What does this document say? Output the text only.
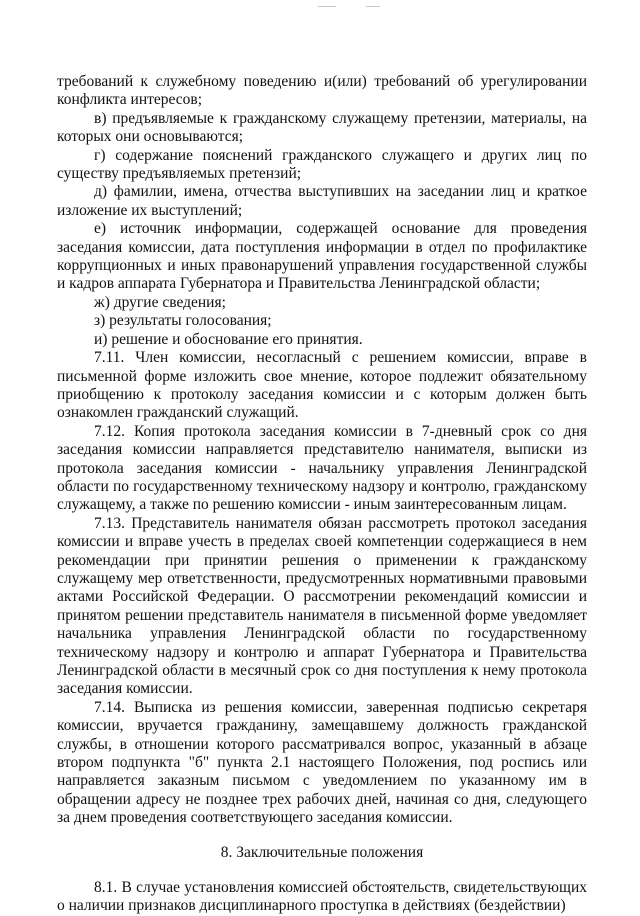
требований к служебному поведению и(или) требований об урегулировании конфликта интересов;

в) предъявляемые к гражданскому служащему претензии, материалы, на которых они основываются;

г) содержание пояснений гражданского служащего и других лиц по существу предъявляемых претензий;

д) фамилии, имена, отчества выступивших на заседании лиц и краткое изложение их выступлений;

е) источник информации, содержащей основание для проведения заседания комиссии, дата поступления информации в отдел по профилактике коррупционных и иных правонарушений управления государственной службы и кадров аппарата Губернатора и Правительства Ленинградской области;

ж) другие сведения;

з) результаты голосования;

и) решение и обоснование его принятия.

7.11. Член комиссии, несогласный с решением комиссии, вправе в письменной форме изложить свое мнение, которое подлежит обязательному приобщению к протоколу заседания комиссии и с которым должен быть ознакомлен гражданский служащий.

7.12. Копия протокола заседания комиссии в 7-дневный срок со дня заседания комиссии направляется представителю нанимателя, выписки из протокола заседания комиссии - начальнику управления Ленинградской области по государственному техническому надзору и контролю, гражданскому служащему, а также по решению комиссии - иным заинтересованным лицам.

7.13. Представитель нанимателя обязан рассмотреть протокол заседания комиссии и вправе учесть в пределах своей компетенции содержащиеся в нем рекомендации при принятии решения о применении к гражданскому служащему мер ответственности, предусмотренных нормативными правовыми актами Российской Федерации. О рассмотрении рекомендаций комиссии и принятом решении представитель нанимателя в письменной форме уведомляет начальника управления Ленинградской области по государственному техническому надзору и контролю и аппарат Губернатора и Правительства Ленинградской области в месячный срок со дня поступления к нему протокола заседания комиссии.

7.14. Выписка из решения комиссии, заверенная подписью секретаря комиссии, вручается гражданину, замещавшему должность гражданской службы, в отношении которого рассматривался вопрос, указанный в абзаце втором подпункта "б" пункта 2.1 настоящего Положения, под роспись или направляется заказным письмом с уведомлением по указанному им в обращении адресу не позднее трех рабочих дней, начиная со дня, следующего за днем проведения соответствующего заседания комиссии.

8. Заключительные положения

8.1. В случае установления комиссией обстоятельств, свидетельствующих о наличии признаков дисциплинарного проступка в действиях (бездействии)
